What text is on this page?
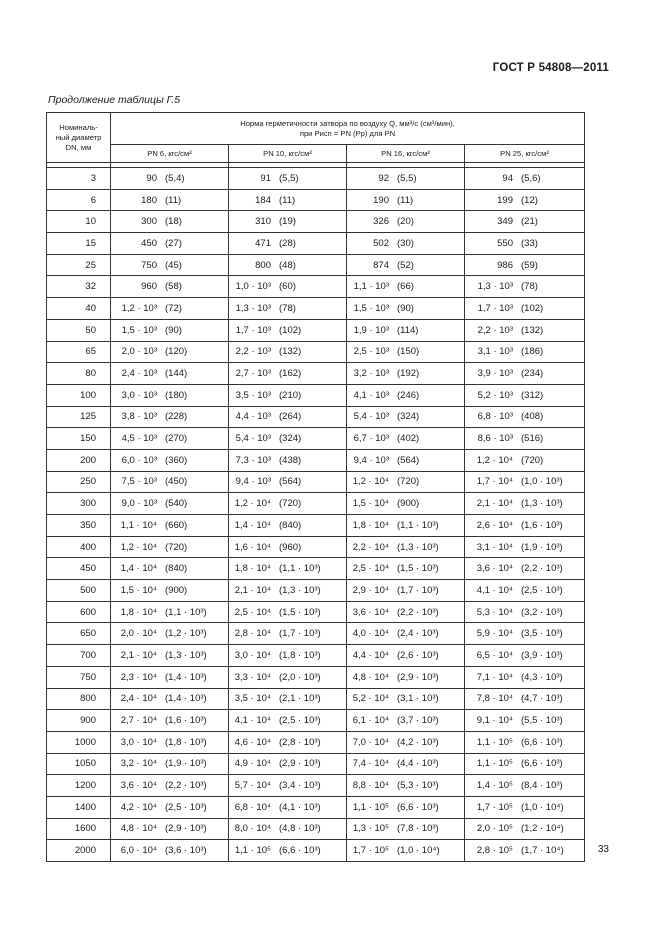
ГОСТ Р 54808—2011
Продолжение таблицы Г.5
Номиналь-
ный диаметр
DN, мм	Норма герметичности затвора по воздуху Q, мм³/с (см³/мин),
при Pисп = PN (Pр) для PN			
	PN 6, кгс/см²	PN 10, кгс/см²	PN 16, кгс/см²	PN 25, кгс/см²

3	90 (5,4)	91 (5,5)	92 (5,5)	94 (5,6)

6	180 (11)	184 (11)	190 (11)	199 (12)

10	300 (18)	310 (19)	326 (20)	349 (21)

15	450 (27)	471 (28)	502 (30)	550 (33)

25	750 (45)	800 (48)	874 (52)	986 (59)

32	960 (58)	1,0 · 10³ (60)	1,1 · 10³ (66)	1,3 · 10³ (78)

40	1,2 · 10³ (72)	1,3 · 10³ (78)	1,5 · 10³ (90)	1,7 · 10³ (102)

50	1,5 · 10³ (90)	1,7 · 10³ (102)	1,9 · 10³ (114)	2,2 · 10³ (132)

65	2,0 · 10³ (120)	2,2 · 10³ (132)	2,5 · 10³ (150)	3,1 · 10³ (186)

80	2,4 · 10³ (144)	2,7 · 10³ (162)	3,2 · 10³ (192)	3,9 · 10³ (234)

100	3,0 · 10³ (180)	3,5 · 10³ (210)	4,1 · 10³ (246)	5,2 · 10³ (312)

125	3,8 · 10³ (228)	4,4 · 10³ (264)	5,4 · 10³ (324)	6,8 · 10³ (408)

150	4,5 · 10³ (270)	5,4 · 10³ (324)	6,7 · 10³ (402)	8,6 · 10³ (516)

200	6,0 · 10³ (360)	7,3 · 10³ (438)	9,4 · 10³ (564)	1,2 · 10⁴ (720)

250	7,5 · 10³ (450)	9,4 · 10³ (564)	1,2 · 10⁴ (720)	1,7 · 10⁴ (1,0 · 10³)

300	9,0 · 10³ (540)	1,2 · 10⁴ (720)	1,5 · 10⁴ (900)	2,1 · 10⁴ (1,3 · 10³)

350	1,1 · 10⁴ (660)	1,4 · 10⁴ (840)	1,8 · 10⁴ (1,1 · 10³)	2,6 · 10⁴ (1,6 · 10³)

400	1,2 · 10⁴ (720)	1,6 · 10⁴ (960)	2,2 · 10⁴ (1,3 · 10³)	3,1 · 10⁴ (1,9 · 10³)

450	1,4 · 10⁴ (840)	1,8 · 10⁴ (1,1 · 10³)	2,5 · 10⁴ (1,5 · 10³)	3,6 · 10⁴ (2,2 · 10³)

500	1,5 · 10⁴ (900)	2,1 · 10⁴ (1,3 · 10³)	2,9 · 10⁴ (1,7 · 10³)	4,1 · 10⁴ (2,5 · 10³)

600	1,8 · 10⁴ (1,1 · 10³)	2,5 · 10⁴ (1,5 · 10³)	3,6 · 10⁴ (2,2 · 10³)	5,3 · 10⁴ (3,2 · 10³)

650	2,0 · 10⁴ (1,2 · 10³)	2,8 · 10⁴ (1,7 · 10³)	4,0 · 10⁴ (2,4 · 10³)	5,9 · 10⁴ (3,5 · 10³)

700	2,1 · 10⁴ (1,3 · 10³)	3,0 · 10⁴ (1,8 · 10³)	4,4 · 10⁴ (2,6 · 10³)	6,5 · 10⁴ (3,9 · 10³)

750	2,3 · 10⁴ (1,4 · 10³)	3,3 · 10⁴ (2,0 · 10³)	4,8 · 10⁴ (2,9 · 10³)	7,1 · 10⁴ (4,3 · 10³)

800	2,4 · 10⁴ (1,4 · 10³)	3,5 · 10⁴ (2,1 · 10³)	5,2 · 10⁴ (3,1 · 10³)	7,8 · 10⁴ (4,7 · 10³)

900	2,7 · 10⁴ (1,6 · 10³)	4,1 · 10⁴ (2,5 · 10³)	6,1 · 10⁴ (3,7 · 10³)	9,1 · 10⁴ (5,5 · 10³)

1000	3,0 · 10⁴ (1,8 · 10³)	4,6 · 10⁴ (2,8 · 10³)	7,0 · 10⁴ (4,2 · 10³)	1,1 · 10⁵ (6,6 · 10³)

1050	3,2 · 10⁴ (1,9 · 10³)	4,9 · 10⁴ (2,9 · 10³)	7,4 · 10⁴ (4,4 · 10³)	1,1 · 10⁵ (6,6 · 10³)

1200	3,6 · 10⁴ (2,2 · 10³)	5,7 · 10⁴ (3,4 · 10³)	8,8 · 10⁴ (5,3 · 10³)	1,4 · 10⁵ (8,4 · 10³)

1400	4,2 · 10⁴ (2,5 · 10³)	6,8 · 10⁴ (4,1 · 10³)	1,1 · 10⁵ (6,6 · 10³)	1,7 · 10⁵ (1,0 · 10⁴)

1600	4,8 · 10⁴ (2,9 · 10³)	8,0 · 10⁴ (4,8 · 10³)	1,3 · 10⁵ (7,8 · 10³)	2,0 · 10⁵ (1,2 · 10⁴)

2000	6,0 · 10⁴ (3,6 · 10³)	1,1 · 10⁵ (6,6 · 10³)	1,7 · 10⁵ (1,0 · 10⁴)	2,8 · 10⁵ (1,7 · 10⁴)	33
